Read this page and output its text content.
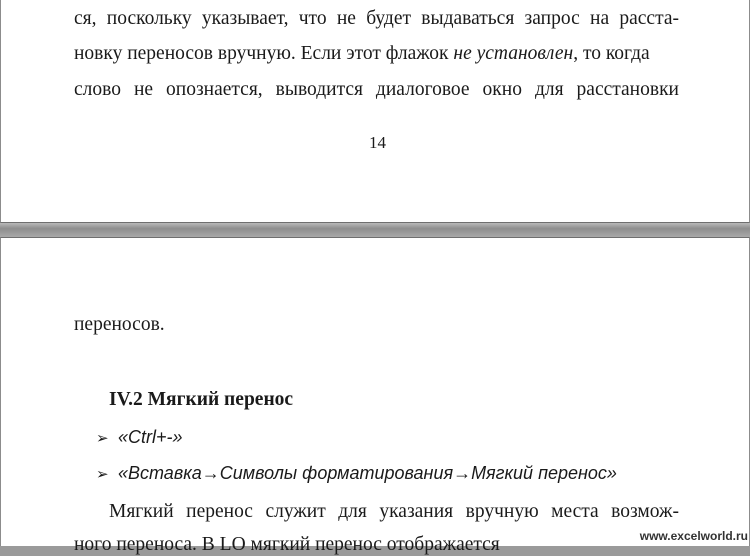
ся, поскольку указывает, что не будет выдаваться запрос на расста-
новку переносов вручную. Если этот флажок не установлен, то когда
слово не опознается, выводится диалоговое окно для расстановки
14
переносов.
IV.2 Мягкий перенос
➢ «Ctrl+-»
➢ «Вставка→Символы форматирования→Мягкий перенос»
Мягкий перенос служит для указания вручную места возмож-
ного переноса. В LO мягкий перенос отображается	www.excelworld.ru
